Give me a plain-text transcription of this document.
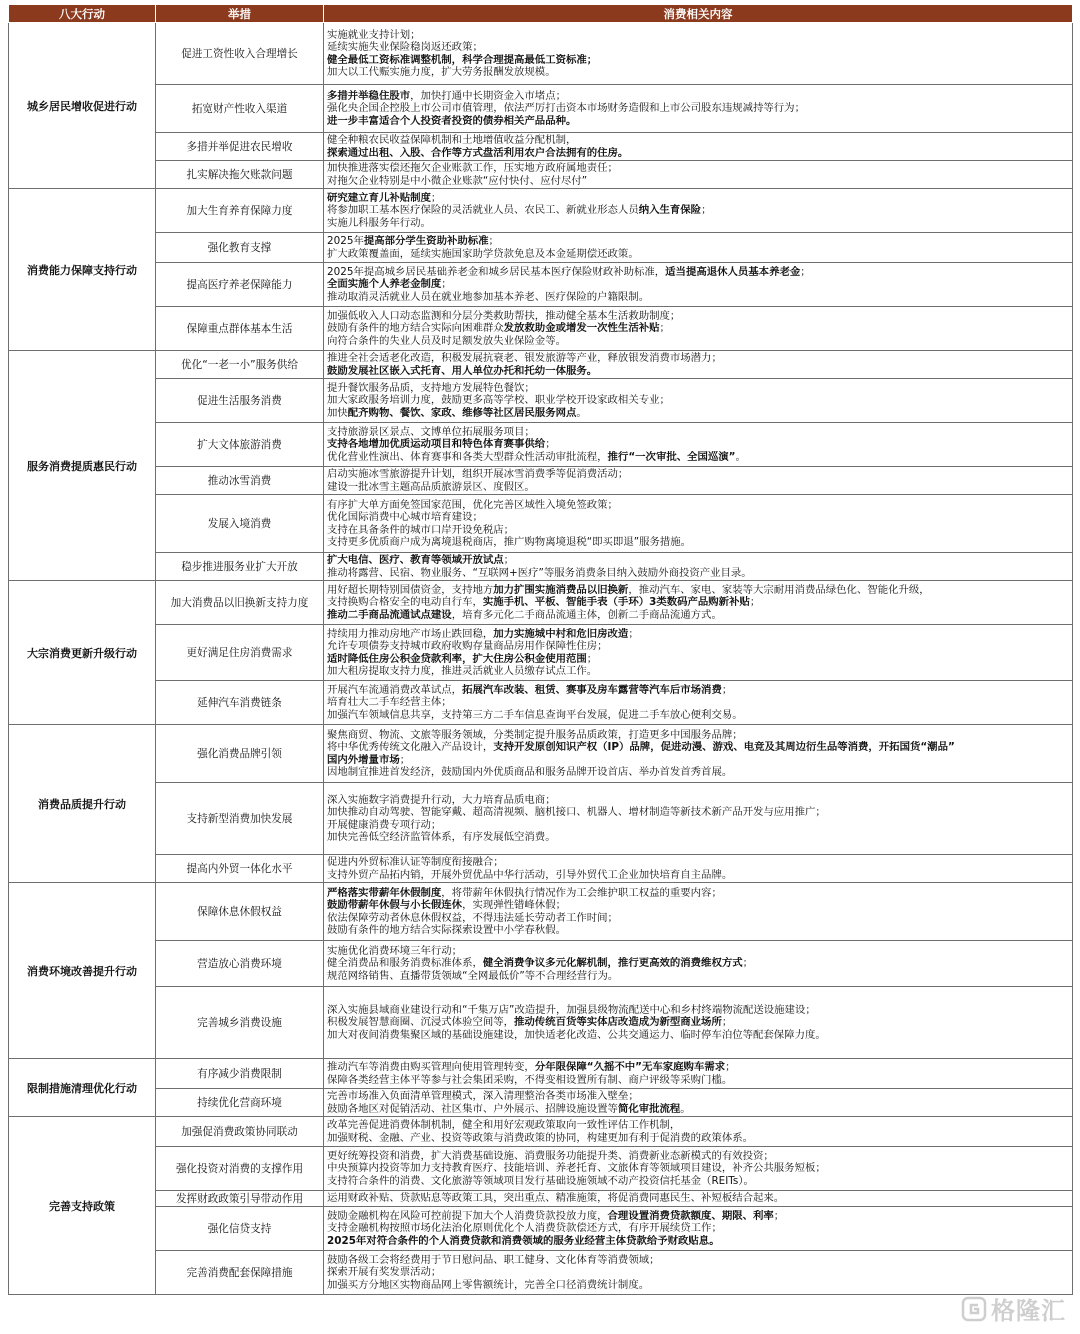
八大行动	举措	消费相关内容
城乡居民增收促进行动	促进工资性收入合理增长	实施就业支持计划；
延续实施失业保险稳岗返还政策；
健全最低工资标准调整机制，科学合理提高最低工资标准；
加大以工代赈实施力度，扩大劳务报酬发放规模。

	拓宽财产性收入渠道	多措并举稳住股市，加快打通中长期资金入市堵点；
强化央企国企控股上市公司市值管理，依法严厉打击资本市场财务造假和上市公司股东违规减持等行为；
进一步丰富适合个人投资者投资的债券相关产品品种。

	多措并举促进农民增收	健全种粮农民收益保障机制和土地增值收益分配机制，
探索通过出租、入股、合作等方式盘活利用农户合法拥有的住房。

	扎实解决拖欠账款问题	加快推进落实偿还拖欠企业账款工作，压实地方政府属地责任；
对拖欠企业特别是中小微企业账款“应付快付、应付尽付”

消费能力保障支持行动	加大生育养育保障力度	研究建立育儿补贴制度；
将参加职工基本医疗保险的灵活就业人员、农民工、新就业形态人员纳入生育保险；
实施儿科服务年行动。

	强化教育支撑	2025年提高部分学生资助补助标准；
扩大政策覆盖面，延续实施国家助学贷款免息及本金延期偿还政策。

	提高医疗养老保障能力	2025年提高城乡居民基础养老金和城乡居民基本医疗保险财政补助标准，适当提高退休人员基本养老金；
全面实施个人养老金制度；
推动取消灵活就业人员在就业地参加基本养老、医疗保险的户籍限制。

	保障重点群体基本生活	加强低收入人口动态监测和分层分类救助帮扶，推动健全基本生活救助制度；
鼓励有条件的地方结合实际向困难群众发放救助金或增发一次性生活补贴；
向符合条件的失业人员及时足额发放失业保险金等。

服务消费提质惠民行动	优化“一老一小”服务供给	推进全社会适老化改造，积极发展抗衰老、银发旅游等产业，释放银发消费市场潜力；
鼓励发展社区嵌入式托育、用人单位办托和托幼一体服务。

	促进生活服务消费	提升餐饮服务品质，支持地方发展特色餐饮；
加大家政服务培训力度，鼓励更多高等学校、职业学校开设家政相关专业；
加快配齐购物、餐饮、家政、维修等社区居民服务网点。

	扩大文体旅游消费	支持旅游景区景点、文博单位拓展服务项目；
支持各地增加优质运动项目和特色体育赛事供给；
优化营业性演出、体育赛事和各类大型群众性活动审批流程，推行“一次审批、全国巡演”。

	推动冰雪消费	启动实施冰雪旅游提升计划，组织开展冰雪消费季等促消费活动；
建设一批冰雪主题高品质旅游景区、度假区。

	发展入境消费	有序扩大单方面免签国家范围，优化完善区域性入境免签政策；
优化国际消费中心城市培育建设；
支持在具备条件的城市口岸开设免税店；
支持更多优质商户成为离境退税商店，推广购物离境退税“即买即退”服务措施。

	稳步推进服务业扩大开放	扩大电信、医疗、教育等领域开放试点；
推动将露营、民宿、物业服务、“互联网+医疗”等服务消费条目纳入鼓励外商投资产业目录。

大宗消费更新升级行动	加大消费品以旧换新支持力度	用好超长期特别国债资金，支持地方加力扩围实施消费品以旧换新，推动汽车、家电、家装等大宗耐用消费品绿色化、智能化升级，
支持换购合格安全的电动自行车，实施手机、平板、智能手表（手环）3类数码产品购新补贴；
推动二手商品流通试点建设，培育多元化二手商品流通主体，创新二手商品流通方式。

	更好满足住房消费需求	持续用力推动房地产市场止跌回稳，加力实施城中村和危旧房改造；
允许专项债券支持城市政府收购存量商品房用作保障性住房；
适时降低住房公积金贷款利率，扩大住房公积金使用范围；
加大租房提取支持力度，推进灵活就业人员缴存试点工作。

	延伸汽车消费链条	开展汽车流通消费改革试点，拓展汽车改装、租赁、赛事及房车露营等汽车后市场消费；
培育壮大二手车经营主体；
加强汽车领域信息共享，支持第三方二手车信息查询平台发展，促进二手车放心便利交易。

消费品质提升行动	强化消费品牌引领	聚焦商贸、物流、文旅等服务领域，分类制定提升服务品质政策，打造更多中国服务品牌；
将中华优秀传统文化融入产品设计，支持开发原创知识产权（IP）品牌，促进动漫、游戏、电竞及其周边衍生品等消费，开拓国货“潮品”
国内外增量市场；
因地制宜推进首发经济，鼓励国内外优质商品和服务品牌开设首店、举办首发首秀首展。

	支持新型消费加快发展	深入实施数字消费提升行动，大力培育品质电商；
加快推动自动驾驶、智能穿戴、超高清视频、脑机接口、机器人、增材制造等新技术新产品开发与应用推广；
开展健康消费专项行动；
加快完善低空经济监管体系，有序发展低空消费。

	提高内外贸一体化水平	促进内外贸标准认证等制度衔接融合；
支持外贸产品拓内销，开展外贸优品中华行活动，引导外贸代工企业加快培育自主品牌。

消费环境改善提升行动	保障休息休假权益	严格落实带薪年休假制度，将带薪年休假执行情况作为工会维护职工权益的重要内容；
鼓励带薪年休假与小长假连休，实现弹性错峰休假；
依法保障劳动者休息休假权益，不得违法延长劳动者工作时间；
鼓励有条件的地方结合实际探索设置中小学春秋假。

	营造放心消费环境	实施优化消费环境三年行动；
健全消费品和服务消费标准体系，健全消费争议多元化解机制，推行更高效的消费维权方式；
规范网络销售、直播带货领域“全网最低价”等不合理经营行为。

	完善城乡消费设施	深入实施县域商业建设行动和“千集万店”改造提升，加强县级物流配送中心和乡村终端物流配送设施建设；
积极发展智慧商圈、沉浸式体验空间等，推动传统百货等实体店改造成为新型商业场所；
加大对夜间消费集聚区域的基础设施建设，加快适老化改造、公共交通运力、临时停车泊位等配套保障力度。

限制措施清理优化行动	有序减少消费限制	推动汽车等消费由购买管理向使用管理转变，分年限保障“久摇不中”无车家庭购车需求；
保障各类经营主体平等参与社会集团采购，不得变相设置所有制、商户评级等采购门槛。

	持续优化营商环境	完善市场准入负面清单管理模式，深入清理整治各类市场准入壁垒；
鼓励各地区对促销活动、社区集市、户外展示、招牌设施设置等简化审批流程。

完善支持政策	加强促消费政策协同联动	改革完善促进消费体制机制，健全和用好宏观政策取向一致性评估工作机制，
加强财税、金融、产业、投资等政策与消费政策的协同，构建更加有利于促消费的政策体系。

	强化投资对消费的支撑作用	更好统筹投资和消费，扩大消费基础设施、消费服务功能提升类、消费新业态新模式的有效投资；
中央预算内投资等加力支持教育医疗、技能培训、养老托育、文旅体育等领域项目建设，补齐公共服务短板；
支持符合条件的消费、文化旅游等领域项目发行基础设施领域不动产投资信托基金（REITs）。

	发挥财政政策引导带动作用	运用财政补贴、贷款贴息等政策工具，突出重点、精准施策，将促消费同惠民生、补短板结合起来。

	强化信贷支持	鼓励金融机构在风险可控前提下加大个人消费贷款投放力度，合理设置消费贷款额度、期限、利率；
支持金融机构按照市场化法治化原则优化个人消费贷款偿还方式，有序开展续贷工作；
2025年对符合条件的个人消费贷款和消费领域的服务业经营主体贷款给予财政贴息。

	完善消费配套保障措施	鼓励各级工会将经费用于节日慰问品、职工健身、文化体育等消费领域；
探索开展有奖发票活动；
加强买方分地区实物商品网上零售额统计，完善全口径消费统计制度。
格隆汇
